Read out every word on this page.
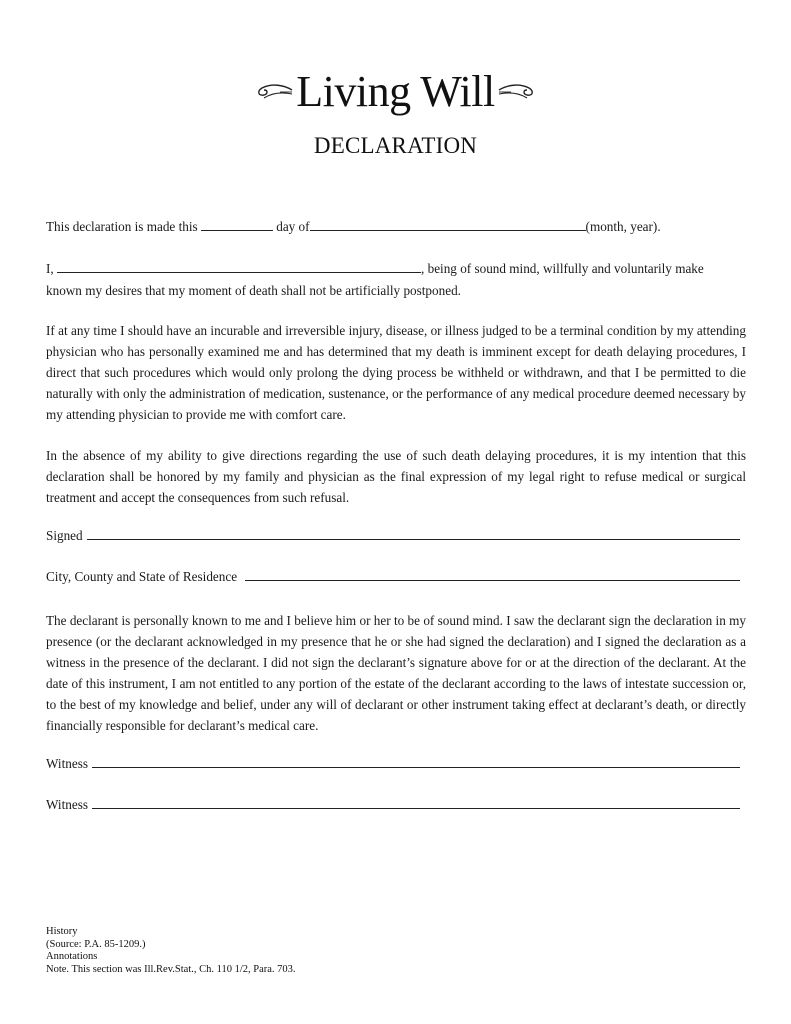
Living Will
DECLARATION
This declaration is made this	day of	(month, year).
I,	, being of sound mind, willfully and voluntarily make
known my desires that my moment of death shall not be artificially postponed.
If at any time I should have an incurable and irreversible injury, disease, or illness judged to be a terminal condition by my attending physician who has personally examined me and has determined that my death is imminent except for death delaying procedures, I direct that such procedures which would only prolong the dying process be withheld or withdrawn, and that I be permitted to die naturally with only the administration of medication, sustenance, or the performance of any medical procedure deemed necessary by my attending physician to provide me with comfort care.
In the absence of my ability to give directions regarding the use of such death delaying procedures, it is my intention that this declaration shall be honored by my family and physician as the final expression of my legal right to refuse medical or surgical treatment and accept the consequences from such refusal.
Signed
City, County and State of Residence
The declarant is personally known to me and I believe him or her to be of sound mind. I saw the declarant sign the declaration in my presence (or the declarant acknowledged in my presence that he or she had signed the declaration) and I signed the declaration as a witness in the presence of the declarant. I did not sign the declarant’s signature above for or at the direction of the declarant. At the date of this instrument, I am not entitled to any portion of the estate of the declarant according to the laws of intestate succession or, to the best of my knowledge and belief, under any will of declarant or other instrument taking effect at declarant’s death, or directly financially responsible for declarant’s medical care.
Witness
Witness
History
(Source: P.A. 85-1209.)
Annotations
Note. This section was Ill.Rev.Stat., Ch. 110 1/2, Para. 703.
